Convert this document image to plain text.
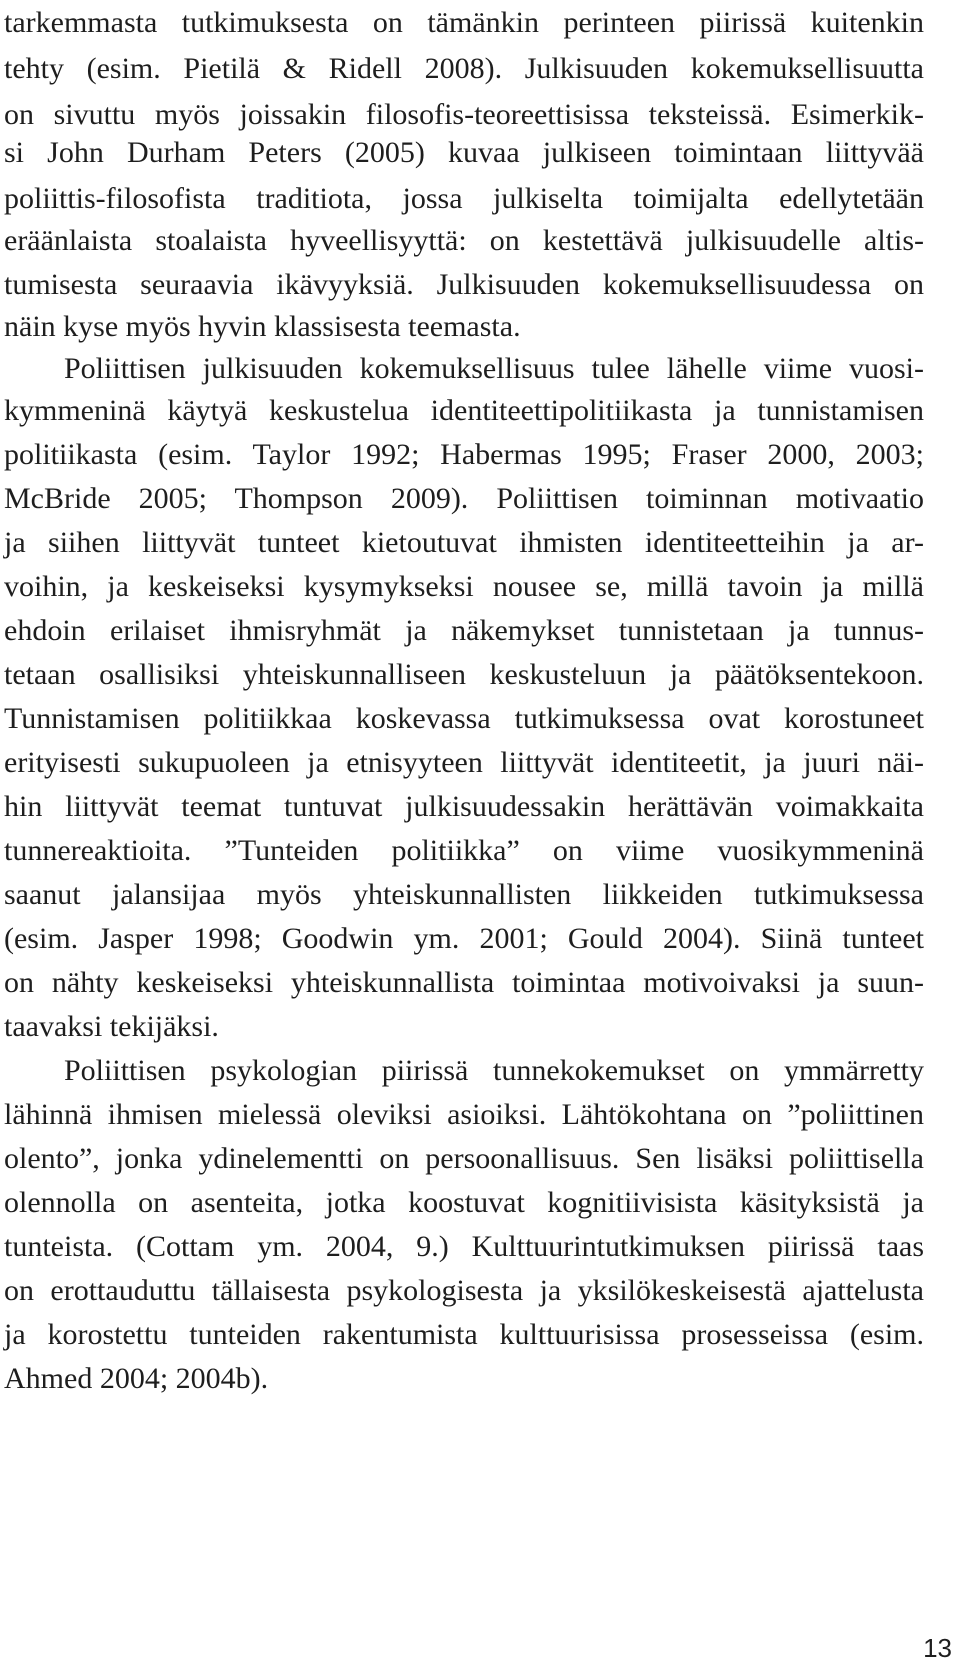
tarkemmasta tutkimuksesta on tämänkin perinteen piirissä kuitenkin
tehty (esim. Pietilä & Ridell 2008). Julkisuuden kokemuksellisuutta
on sivuttu myös joissakin filosofis-teoreettisissa teksteissä. Esimerkik-
si John Durham Peters (2005) kuvaa julkiseen toimintaan liittyvää
poliittis-filosofista traditiota, jossa julkiselta toimijalta edellytetään
eräänlaista stoalaista hyveellisyyttä: on kestettävä julkisuudelle altis-
tumisesta seuraavia ikävyyksiä. Julkisuuden kokemuksellisuudessa on
näin kyse myös hyvin klassisesta teemasta.
Poliittisen julkisuuden kokemuksellisuus tulee lähelle viime vuosi-
kymmeninä käytyä keskustelua identiteettipolitiikasta ja tunnistamisen
politiikasta (esim. Taylor 1992; Habermas 1995; Fraser 2000, 2003;
McBride 2005; Thompson 2009). Poliittisen toiminnan motivaatio
ja siihen liittyvät tunteet kietoutuvat ihmisten identiteetteihin ja ar-
voihin, ja keskeiseksi kysymykseksi nousee se, millä tavoin ja millä
ehdoin erilaiset ihmisryhmät ja näkemykset tunnistetaan ja tunnus-
tetaan osallisiksi yhteiskunnalliseen keskusteluun ja päätöksentekoon.
Tunnistamisen politiikkaa koskevassa tutkimuksessa ovat korostuneet
erityisesti sukupuoleen ja etnisyyteen liittyvät identiteetit, ja juuri näi-
hin liittyvät teemat tuntuvat julkisuudessakin herättävän voimakkaita
tunnereaktioita. ”Tunteiden politiikka” on viime vuosikymmeninä
saanut jalansijaa myös yhteiskunnallisten liikkeiden tutkimuksessa
(esim. Jasper 1998; Goodwin ym. 2001; Gould 2004). Siinä tunteet
on nähty keskeiseksi yhteiskunnallista toimintaa motivoivaksi ja suun-
taavaksi tekijäksi.
Poliittisen psykologian piirissä tunnekokemukset on ymmärretty
lähinnä ihmisen mielessä oleviksi asioiksi. Lähtökohtana on ”poliittinen
olento”, jonka ydinelementti on persoonallisuus. Sen lisäksi poliittisella
olennolla on asenteita, jotka koostuvat kognitiivisista käsityksistä ja
tunteista. (Cottam ym. 2004, 9.) Kulttuurintutkimuksen piirissä taas
on erottauduttu tällaisesta psykologisesta ja yksilökeskeisestä ajattelusta
ja korostettu tunteiden rakentumista kulttuurisissa prosesseissa (esim.
Ahmed 2004; 2004b).
13
